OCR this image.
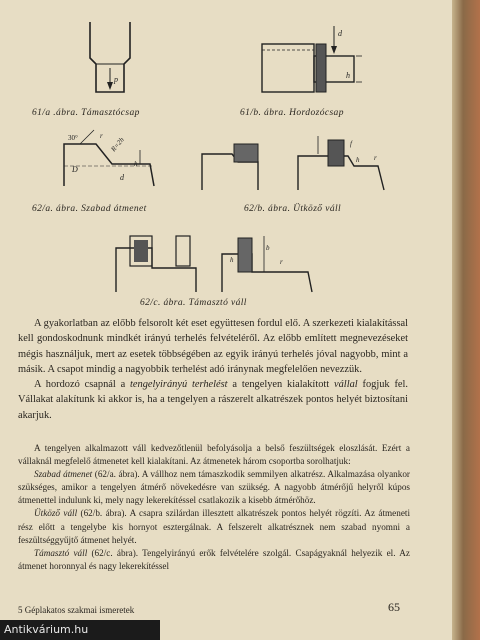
p
61/a .ábra. Támasztócsap
d
h
61/b. ábra. Hordozócsap
30°	r R=2h
D
d
h
62/a. ábra. Szabad átmenet
f
h r
62/b. ábra. Ütköző váll
h
b
r
62/c. ábra. Támasztó váll

A gyakorlatban az előbb felsorolt két eset együttesen fordul elő. A szerkezeti kialakítással kell gondoskodnunk mindkét irányú terhelés felvételéről. Az előbb említett megnevezéseket mégis használjuk, mert az esetek többségében az egyik irányú terhelés jóval nagyobb, mint a másik. A csapot mindig a nagyobbik terhelést adó iránynak megfelelően nevezzük.

A hordozó csapnál a tengelyirányú terhelést a tengelyen kialakított vállal fogjuk fel. Vállakat alakítunk ki akkor is, ha a tengelyen a rászerelt alkatrészek pontos helyét biztosítani akarjuk.

A tengelyen alkalmazott váll kedvezőtlenül befolyásolja a belső feszültségek eloszlását. Ezért a vállaknál megfelelő átmenetet kell kialakítani. Az átmenetek három csoportba sorolhatjuk:

Szabad átmenet (62/a. ábra). A vállhoz nem támaszkodik semmilyen alkatrész. Alkalmazása olyankor szükséges, amikor a tengelyen átmérő növekedésre van szükség. A nagyobb átmérőjű helyről kúpos átmenettel indulunk ki, mely nagy lekerekítéssel csatlakozik a kisebb átmérőhöz.

Ütköző váll (62/b. ábra). A csapra szilárdan illesztett alkatrészek pontos helyét rögzíti. Az átmeneti rész előtt a tengelybe kis hornyot esztergálnak. A felszerelt alkatrésznek nem szabad nyomni a feszültséggyűjtő átmenet helyét.

Támasztó váll (62/c. ábra). Tengelyirányú erők felvételére szolgál. Csapágyaknál helyezik el. Az átmenet horonnyal és nagy lekerekítéssel

5 Géplakatos szakmai ismeretek	65
Antikvárium.hu
